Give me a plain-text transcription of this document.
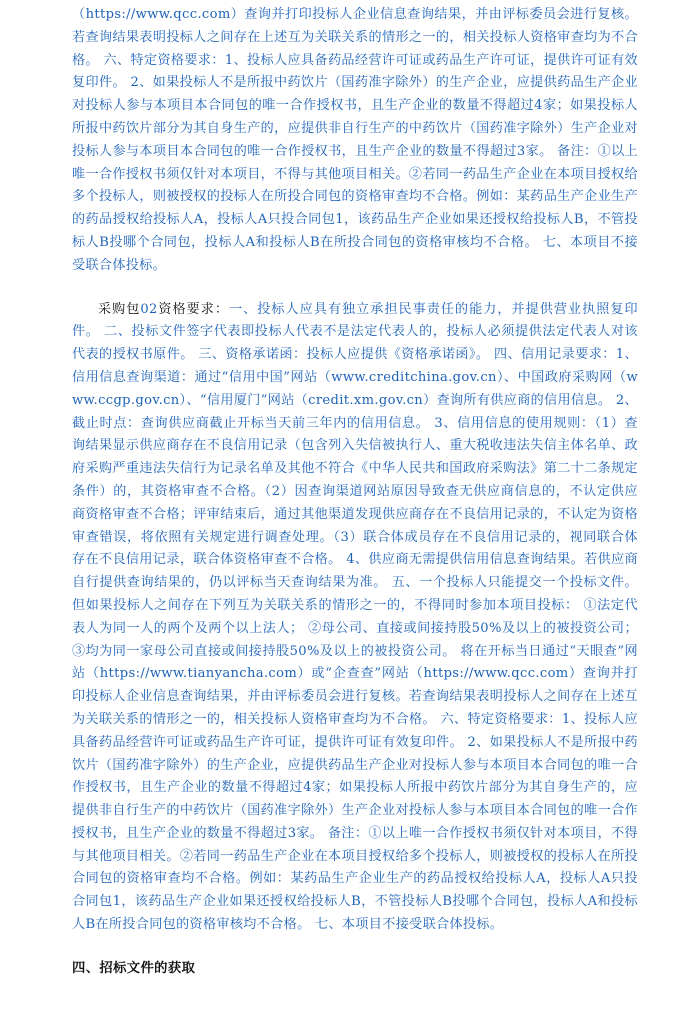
（https://www.qcc.com）查询并打印投标人企业信息查询结果，并由评标委员会进行复核。若查询结果表明投标人之间存在上述互为关联关系的情形之一的，相关投标人资格审查均为不合格。 六、特定资格要求：1、投标人应具备药品经营许可证或药品生产许可证，提供许可证有效复印件。 2、如果投标人不是所报中药饮片（国药准字除外）的生产企业，应提供药品生产企业对投标人参与本项目本合同包的唯一合作授权书，且生产企业的数量不得超过4家；如果投标人所报中药饮片部分为其自身生产的，应提供非自行生产的中药饮片（国药准字除外）生产企业对投标人参与本项目本合同包的唯一合作授权书，且生产企业的数量不得超过3家。 备注：①以上唯一合作授权书须仅针对本项目，不得与其他项目相关。②若同一药品生产企业在本项目授权给多个投标人，则被授权的投标人在所投合同包的资格审查均不合格。例如：某药品生产企业生产的药品授权给投标人A，投标人A只投合同包1，该药品生产企业如果还授权给投标人B，不管投标人B投哪个合同包，投标人A和投标人B在所投合同包的资格审核均不合格。 七、本项目不接受联合体投标。

采购包02资格要求：一、投标人应具有独立承担民事责任的能力，并提供营业执照复印件。 二、投标文件签字代表即投标人代表不是法定代表人的，投标人必须提供法定代表人对该代表的授权书原件。 三、资格承诺函：投标人应提供《资格承诺函》。 四、信用记录要求：1、信用信息查询渠道：通过“信用中国”网站（www.creditchina.gov.cn）、中国政府采购网（www.ccgp.gov.cn）、“信用厦门”网站（credit.xm.gov.cn）查询所有供应商的信用信息。 2、截止时点：查询供应商截止开标当天前三年内的信用信息。 3、信用信息的使用规则：（1）查询结果显示供应商存在不良信用记录（包含列入失信被执行人、重大税收违法失信主体名单、政府采购严重违法失信行为记录名单及其他不符合《中华人民共和国政府采购法》第二十二条规定条件）的，其资格审查不合格。（2）因查询渠道网站原因导致查无供应商信息的，不认定供应商资格审查不合格；评审结束后，通过其他渠道发现供应商存在不良信用记录的，不认定为资格审查错误，将依照有关规定进行调查处理。（3）联合体成员存在不良信用记录的，视同联合体存在不良信用记录，联合体资格审查不合格。 4、供应商无需提供信用信息查询结果。若供应商自行提供查询结果的，仍以评标当天查询结果为准。 五、一个投标人只能提交一个投标文件。但如果投标人之间存在下列互为关联关系的情形之一的，不得同时参加本项目投标： ①法定代表人为同一人的两个及两个以上法人； ②母公司、直接或间接持股50%及以上的被投资公司； ③均为同一家母公司直接或间接持股50%及以上的被投资公司。 将在开标当日通过“天眼查”网站（https://www.tianyancha.com）或“企查查”网站（https://www.qcc.com）查询并打印投标人企业信息查询结果，并由评标委员会进行复核。若查询结果表明投标人之间存在上述互为关联关系的情形之一的，相关投标人资格审查均为不合格。 六、特定资格要求：1、投标人应具备药品经营许可证或药品生产许可证，提供许可证有效复印件。 2、如果投标人不是所报中药饮片（国药准字除外）的生产企业，应提供药品生产企业对投标人参与本项目本合同包的唯一合作授权书，且生产企业的数量不得超过4家；如果投标人所报中药饮片部分为其自身生产的，应提供非自行生产的中药饮片（国药准字除外）生产企业对投标人参与本项目本合同包的唯一合作授权书，且生产企业的数量不得超过3家。 备注：①以上唯一合作授权书须仅针对本项目，不得与其他项目相关。②若同一药品生产企业在本项目授权给多个投标人，则被授权的投标人在所投合同包的资格审查均不合格。例如：某药品生产企业生产的药品授权给投标人A，投标人A只投合同包1，该药品生产企业如果还授权给投标人B，不管投标人B投哪个合同包，投标人A和投标人B在所投合同包的资格审核均不合格。 七、本项目不接受联合体投标。

四、招标文件的获取
